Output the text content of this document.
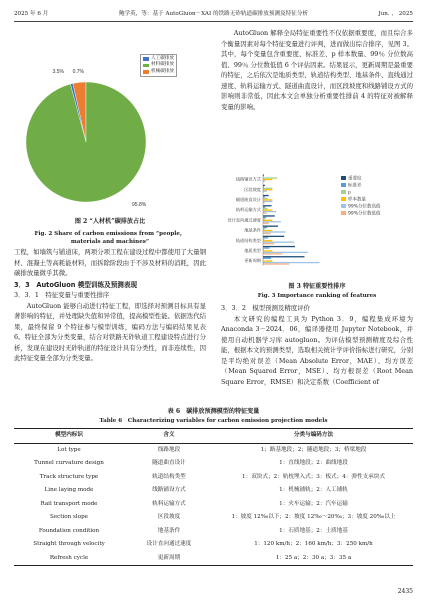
2025 年 6 月	鲍学英，等：基于 AutoGluon－XAI 的铁路无砟轨道碳排放预测及特征分析	Jun. ， 2025
0.7%
95.8%
3.5%
人工碳排放
材料碳排放
机械碳排放
图 2 “人材机”碳排放占比
Fig. 2 Share of carbon emissions from “people，
materials and machines”

工程，如墙筑与铺道床，两项分项工程在建设过程中都使用了大量钢材、混凝土等高耗能材料，而拆除阶段由于不涉及材料的消耗，因此碳排放量微乎其微。

3．3　AutoGluon 模型训练及预测表现
3．3．1　特征变量与重要性排序

AutoGluon 能够自动进行特征工程，即选择对预测目标具有显著影响的特征，并处理缺失值和异常值，提高模型性能。依据迭代结果，最终保留 9 个特征参与模型训练，编码方法与编码结果见表 6。特征全部为分类变量，结合对铁路无砟轨道工程建设特点进行分析，发现在建设时无砟轨道的特征设计具有分类性，而非连续性，因此特征变量全部为分类变量。

AutoGluon 解释全局特征重要性不仅依据重要度，而且综合多个衡量因素对每个特征变量进行评判，进而做出综合排序，见图 3。其中，每个变量包含重要度、标准差、p 样本数量、99％ 分位数高值、99％ 分位数低值 6 个评估因素。结果显示，更新周期是最重要的特征，之后依次是地质类型、轨道结构类型、地基条件、直线通过速度、轨料运输方式、隧道曲直设计，而区段坡度和线路铺设方式的影响则非常低，因此本文会单独分析重要性排前 4 的特征对被解释变量的影响。

线路铺设方式
区段坡度
隧道曲直设计
轨料运输方式
设计直向通过速度
地基条件
轨道结构类型
地质类型
更新周期
重要度
标准差
p
样本数量
99%分位数高值
99%分位数低值
图 3 特征重要性排序
Fig. 3 Importance ranking of features
3．3．2　模型预测及精度评价

本文研究的编程工具为 Python 3．9，编程集成环境为 Anaconda 3－2024．06，编译器使用 Jupyter Notebook，并使用自动机器学习库 autogluon。为评估模型预测精度及综合性能，根据本文的预测类型，选取相关统计学评价指标进行研究，分别是平均绝对误差（Mean Absolute Error，MAE）、均方误差（Mean Squared Error，MSE）、均方根误差（Root Mean Square Error，RMSE）和决定系数（Coefficient of

表 6　碳排放预测模型的特征变量
Table 6　Characterizing variables for carbon emission projection models
模型内标识	含义	分类与编码方法
Lot type	线路地段	1；路基地段；2；隧道地段；3；桥梁地段
Tunnel curvature design	隧道曲直设计	1：直线地段；2：曲线地段
Track structure type	轨道结构类型	1：双块式；2：轨枕埋入式；3：板式；4：弹性支承块式
Line laying mode	线路铺设方式	1：机械铺轨；2：人工铺轨
Rail transport mode	轨料运输方式	1：火车运输；2：汽车运输
Section slope	区段坡度	1：坡度 12‰以下；2：坡度 12‰～20‰；3：坡度 20‰以上
Foundation condition	地基条件	1：石质地基；2：土质地基
Straight through velocity	设计直向通过速度	1：120 km/h；2：160 km/h；3：250 km/h
Refresh cycle	更新周期	1：25 a；2：30 a；3：35 a
2435
